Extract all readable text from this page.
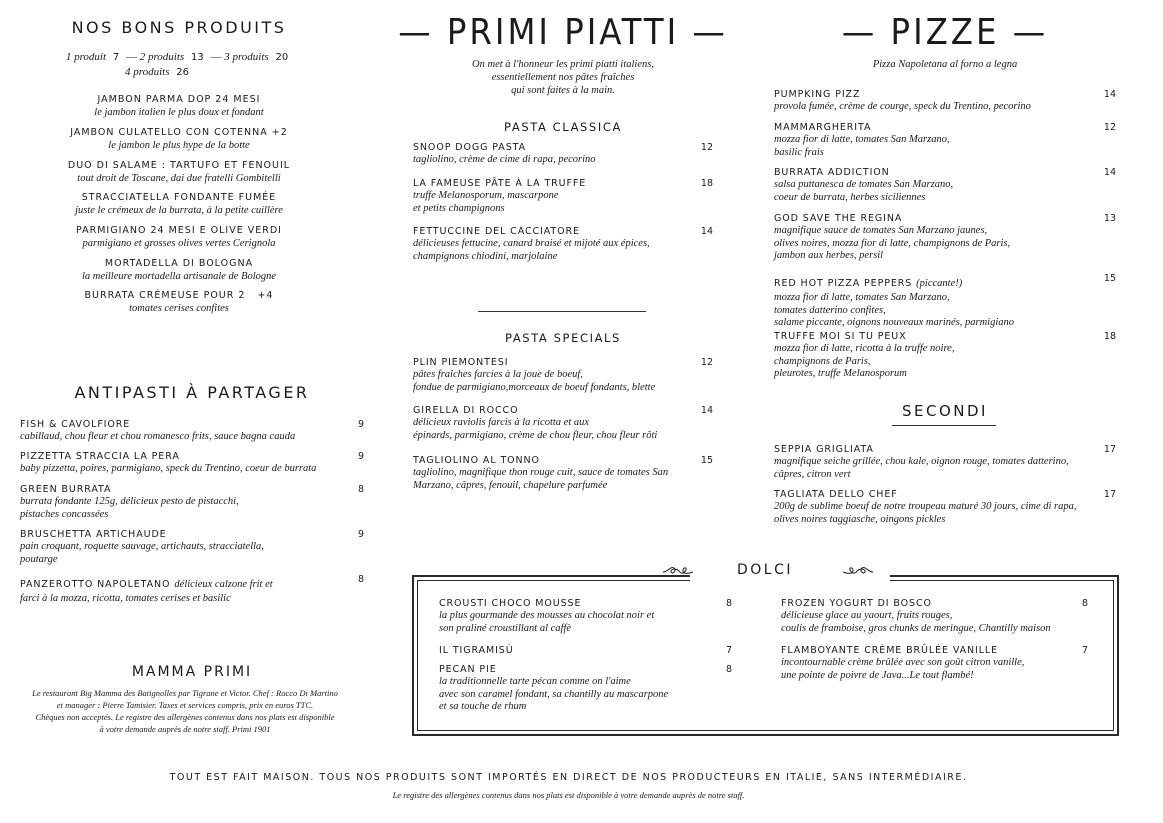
NOS BONS PRODUITS
1 produit 7 — 2 produits 13 — 3 produits 20
4 produits 26
JAMBON PARMA DOP 24 MESI
le jambon italien le plus doux et fondant
JAMBON CULATELLO CON COTENNA +2
le jambon le plus hype de la botte
DUO DI SALAME : TARTUFO ET FENOUIL
tout droit de Toscane, dai due fratelli Gombitelli
STRACCIATELLA FONDANTE FUMÉE
juste le crémeux de la burrata, à la petite cuillère
PARMIGIANO 24 MESI E OLIVE VERDI
parmigiano et grosses olives vertes Cerignola
MORTADELLA DI BOLOGNA
la meilleure mortadella artisanale de Bologne
BURRATA CRÉMEUSE POUR 2   +4
tomates cerises confites
ANTIPASTI À PARTAGER
FISH & CAVOLFIORE	9
cabillaud, chou fleur et chou romanesco frits, sauce bagna cauda
PIZZETTA STRACCIA LA PERA	9
baby pizzetta, poires, parmigiano, speck du Trentino, coeur de burrata
GREEN BURRATA	8
burrata fondante 125g, délicieux pesto de pistacchi, pistaches concassées
BRUSCHETTA ARTICHAUDE	9
pain croquant, roquette sauvage, artichauts, stracciatella, poutarge
PANZEROTTO NAPOLETANO délicieux calzone frit et	8
farci à la mozza, ricotta, tomates cerises et basilic
MAMMA PRIMI
Le restaurant Big Mamma des Batignolles par Tigrane et Victor. Chef : Rocco Di Martino
et manager : Pierre Tamisier. Taxes et services compris, prix en euros TTC.
Chèques non acceptés. Le registre des allergènes contenus dans nos plats est disponible
à votre demande auprès de notre staff. Primi 1901
— PRIMI PIATTI —
On met à l'honneur les primi piatti italiens,
essentiellement nos pâtes fraîches
qui sont faites à la main.
PASTA CLASSICA
SNOOP DOGG PASTA	12
tagliolino, crème de cime di rapa, pecorino
LA FAMEUSE PÂTE À LA TRUFFE	18
truffe Melanosporum, mascarpone
et petits champignons
FETTUCCINE DEL CACCIATORE	14
délicieuses fettucine, canard braisé et mijoté aux épices,
champignons chiodini, marjolaine
PASTA SPECIALS
PLIN PIEMONTESI	12
pâtes fraîches farcies à la joue de boeuf,
fondue de parmigiano,morceaux de boeuf fondants, blette
GIRELLA DI ROCCO	14
délicieux raviolis farcis à la ricotta et aux
épinards, parmigiano, crème de chou fleur, chou fleur rôti
TAGLIOLINO AL TONNO	15
tagliolino, magnifique thon rouge cuit, sauce de tomates San
Marzano, câpres, fenouil, chapelure parfumée
— PIZZE —
Pizza Napoletana al forno a legna
PUMPKING PIZZ	14
provola fumée, crème de courge, speck du Trentino, pecorino
MAMMARGHERITA	12
mozza fior di latte, tomates San Marzano,
basilic frais
BURRATA ADDICTION	14
salsa puttanesca de tomates San Marzano,
coeur de burrata, herbes siciliennes
GOD SAVE THE REGINA	13
magnifique sauce de tomates San Marzano jaunes,
olives noires, mozza fior di latte, champignons de Paris,
jambon aux herbes, persil
RED HOT PIZZA PEPPERS (piccante!)	15
mozza fior di latte, tomates San Marzano,
tomates datterino confites,
salame piccante, oignons nouveaux marinés, parmigiano
TRUFFE MOI SI TU PEUX	18
mozza fior di latte, ricotta à la truffe noire,
champignons de Paris,
pleurotes, truffe Melanosporum
SECONDI
SEPPIA GRIGLIATA	17
magnifique seiche grillée, chou kale, oignon rouge, tomates datterino,
câpres, citron vert
TAGLIATA DELLO CHEF	17
200g de sublime boeuf de notre troupeau maturé 30 jours, cime di rapa,
olives noires taggiasche, oingons pickles
DOLCI
CROUSTI CHOCO MOUSSE	8
la plus gourmande des mousses au chocolat noir et
son praliné croustillant al caffè
IL TIGRAMISÙ	7
PECAN PIE	8
la traditionnelle tarte pécan comme on l'aime
avec son caramel fondant, sa chantilly au mascarpone
et sa touche de rhum
FROZEN YOGURT DI BOSCO	8
délicieuse glace au yaourt, fruits rouges,
coulis de framboise, gros chunks de meringue, Chantilly maison
FLAMBOYANTE CRÈME BRÛLÉE VANILLE	7
incontournable crème brûlée avec son goût citron vanille,
une pointe de poivre de Java...Le tout flambé!
TOUT EST FAIT MAISON. TOUS NOS PRODUITS SONT IMPORTÉS EN DIRECT DE NOS PRODUCTEURS EN ITALIE, SANS INTERMÉDIAIRE.
Le registre des allergènes contenus dans nos plats est disponible à votre demande auprès de notre staff.
